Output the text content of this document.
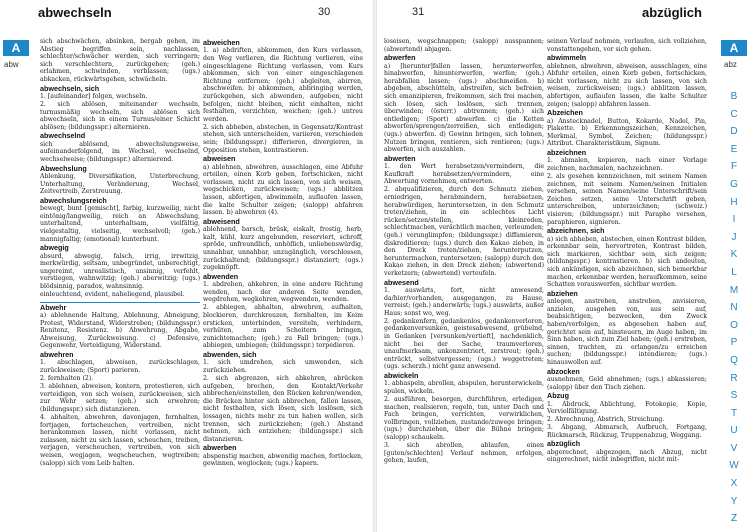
abwechseln	30	31	abzüglich
A
abw
A
abz
B
C
D
E
F
G
H
I
J
K
L
M
N
O
P
Q
R
S
T
U
V
W
X
Y
Z

sich abschwächen, absinken, bergab gehen, im Abstieg begriffen sein, nachlassen, schlechter/schwächer werden, sich verringern; sich verschlechtern, zurückgehen; (geh.) erlahmen, schwinden, verblassen; (ugs.) abkacken, rückwärtsgehen, schwächeln.

abwechseln, sich

1. [aufeinander] folgen, wechseln.

2. sich ablösen, miteinander wechseln, turnusmäßig wechseln, sich ablösen sich abwechseln, sich in einem Turnus/einer Schicht ablösen; (bildungsspr.) alternieren.

abwechselnd

sich ablösend, abwechslungsweise, aufeinanderfolgend, im Wechsel, wechselnd, wechselweise; (bildungsspr.) alternierend.

Abwechslung

Ablenkung, Diversifikation, Unterbrechung, Unterhaltung, Veränderung, Wechsel, Zeitvertreib, Zerstreuung.

abwechslungsreich

bewegt, bunt [gemischt], farbig, kurzweilig, nicht eintönig/langweilig, reich an Abwechslung, unterhaltend, unterhaltsam, vielfältig, vielgestaltig, vielseitig, wechselvoll; (geh.) mannigfaltig; (emotional) kunterbunt.

abwegig

absurd, abwegig, falsch, irrig, irrwitzig, merkwürdig, seltsam, unbegründet, unberechtigt, ungereimt, unrealistisch, unsinnig, verfehlt, verstiegen, wahnwitzig; (geh.) aberwitzig; (ugs.) blödsinnig, paradox, wahnsinnig.

einleuchtend, evident, naheliegend, plausibel.

Abwehr

a) ablehnende Haltung, Ablehnung, Abneigung, Protest, Widerstand, Widerstreben; (bildungsspr.) Renitenz, Resistenz. b) Abwehrung, Abgabe, Abweisung, Zurückweisung. c) Defensive, Gegenwehr, Verteidigung, Widerstand.

abwehren

1. abschlagen, abweisen, zurückschlagen, zurückweisen; (Sport) parieren.

2. fernhalten (2).

3. ablehnen, abweisen, kontern, protestieren, sich verteidigen, von sich weisen, zurückweisen, sich zur Wehr setzen; (geh.) sich erwehren; (bildungsspr.) sich distanzieren.

4. abhalten, abwehren, davonjagen, fernhalten, fortjagen, fortscheuchen, vertreiben, nicht herankommen lassen, nicht vorlassen, nicht zulassen, nicht zu sich lassen, scheuchen, treiben, verjagen, verscheuchen, vertreiben, von sich weisen, wegjagen, wegscheuchen, wegtreiben; (salopp) sich vom Leib halten.

abweichen

1. a) abdriften, abkommen, den Kurs verlassen, den Weg verlieren, die Richtung verlieren, eine eingeschlagene Richtung verlassen, vom Kurs abkommen, sich von einer eingeschlagenen Richtung entfernen; (geh.) abgleiten, abirren, abschweifen. b) abkommen, abbringing werden, zurückgehen, sich abwenden, aufgeben, nicht befolgen, nicht bleiben, nicht einhalten, nicht festhalten, verzichten, weichen; (geh.) untreu werden.

2. sich abheben, abstechen, in Gegensatz/Kontrast stehen, sich unterscheiden, variieren, verschieden sein; (bildungsspr.) differieren, divergieren, in Opposition stehen, kontrastieren.

abweisen

a) ablehnen, abwehren, ausschlagen, eine Abfuhr erteilen, einen Korb geben, fortschicken, nicht vorlassen, nicht zu sich lassen, von sich weisen, wegschicken, zurückweisen; (ugs.) abblitzen lassen, abfertigen, abwimmeln, auflaufen lassen, die kalte Schulter zeigen; (salopp) abfahren lassen. b) abwehren (4).

abweisend

ablehnend, barsch, brüsk, eiskalt, frostig, herb, kalt, kühl, kurz angebunden, reserviert, schroff, spröde, unfreundlich, unhöflich, unliebenswürdig, unnahbar, unnahbar, unzugänglich, verschlossen, zurückhaltend; (bildungsspr.) distanziert; (ugs.) zugeknöpft.

abwenden

1. abdrehen, abkehren, in eine andere Richtung wenden, nach der anderen Seite wenden, wegdrehen, wegkehren, wegwenden, wenden.

2. abbiegen, abhalten, abwehren, aufhalten, blockieren, durchkreuzen, fernhalten, im Keim ersticken, unterbinden, vereiteln, verhindern, verhüten, zum Scheitern bringen, zunichtemachen; (geh.) zu Fall bringen; (ugs.) abbiegen, umbiegen; (bildungsspr.) torpedieren.

abwenden, sich

1. sich umdrehen, sich umwenden, sich zurückziehen.

2. sich abgrenzen, sich abkehren, abrücken aufgeben, brechen, den Kontakt/Verkehr abbrechen/einstellen, den Rücken kehren/wenden, die Brücken hinter sich abbrechen, fallen lassen, nicht festhalten, sich lösen, sich loslösen, sich lossagen, nichts mehr zu tun haben wollen, sich trennen, sich zurückziehen; (geh.) Abstand nehmen, sich entziehen; (bildungsspr.) sich distanzieren.

abwerben

abspenstig machen, abwendig machen, fortlocken, gewinnen, weglocken; (ugs.) kapern.

loseisen, wegschnappen; (salopp) ausspannen; (abwertend) abjagen.

abwerfen

a) [herunter]fallen lassen, herunterwerfen, hinabwerfen, hinunterwerfen, werfen; (geh.) herabfallen lassen; (ugs.) abschmeißen. b) abgeben, abschütteln, abstreifen, sich befreien, sich emanzipieren, freikommen, sich frei machen, sich lösen, sich loslösen, sich trennen, überwinden; (österr.) abtrennen; (geh.) sich entledigen; (Sport) abwerfen. c) die Ketten abwerfen/sprengen/zerreißen, sich entledigen; (ugs.) abwerfen. d) Gewinn bringen, sich lohnen, Nutzen bringen, rentieren, sich rentieren; (ugs.) abwerfen, sich auszahlen.

abwerten

1. den Wert herabsetzen/vermindern, die Kaufkraft herabsetzen/vermindern, eine Abwertung vornehmen, entwerten.

2. abqualifizieren, durch den Schmutz ziehen, erniedrigen, herabmindern, herabsetzen, herabwürdigen, heruntersetzen, in den Schmutz treten/ziehen, in ein schlechtes Licht rücken/setzen/stellen, kleinreden, schlechtmachen, verächtlich machen, verleumden; (geh.) verunglimpfen; (bildungsspr.) diffamieren, diskreditieren; (ugs.) durch den Kakao ziehen, in den Dreck treten/ziehen, herunterputzen, heruntermachen, runtersetzen; (salopp) durch den Kakao ziehen, in den Dreck ziehen; (abwertend) verketzern; (abwertend) verteufeln.

abwesend

1. auswärts, fort, nicht anwesend, da/hier/vorhanden, ausgegangen, zu Hause, verreist; (geh.) anderwärts; (ugs.) auswärts, außer Haus; sonst wo, weg.

2. gedankenfern, gedankenlos, gedankenverloren, gedankenversunken, geistesabwesend, grübelnd, in Gedanken [versunken/vertieft], nachdenklich, nicht bei der Sache, traumverloren, unaufmerksam, unkonzentriert, zerstreut; (geh.) entrückt, selbstvergessen; (ugs.) weggetreten; (ugs. scherzh.) nicht ganz anwesend.

abwickeln

1. abhaspeln, abrollen, abspulen, herunterwickeln, spulen, wickeln.

2. ausführen, besorgen, durchführen, erledigen, machen, realisieren, regeln, tun, unter Dach und Fach bringen, verrichten, verwirklichen, vollbringen, vollziehen, zustande/zuwege bringen; (ugs.) durchziehen, über die Bühne bringen; (salopp) schaukeln.

3. sich abrollen, ablaufen, einen [guten/schlechten] Verlauf nehmen, erfolgen, gehen, laufen,

seinen Verlauf nehmen, verlaufen, sich vollziehen, vonstattengehen, vor sich gehen.

abwimmeln

ablehnen, abwehren, abweisen, ausschlagen, eine Abfuhr erteilen, einen Korb geben, fortschicken, nicht vorlassen, nicht zu sich lassen, von sich weisen, zurückweisen; (ugs.) abblitzen lassen, abfertigen, auflaufen lassen, die kalte Schulter zeigen; (salopp) abfahren lassen.

Abzeichen

a) Anstecknadel, Button, Kokarde, Nadel, Pin, Plakette. b) Erkennungszeichen, Kennzeichen, Merkmal, Symbol, Zeichen; (bildungsspr.) Attribut. Charakteristikum, Signum.

abzeichnen

1. abmalen, kopieren, nach einer Vorlage zeichnen, nachmalen, nachzeichnen.

2. als gesehen kennzeichnen, mit seinem Namen zeichnen, mit seinem Namen/seinen Initialen versehen, seinen Namen/seine Unterschrift/sein Zeichen setzen, seine Unterschrift geben, unterschreiben, unterzeichnen; (schweiz.) visieren; (bildungsspr.) mit Paraphe versehen, paraphieren, signieren.

abzeichnen, sich

a) sich abheben, abstechen, einen Kontrast bilden, erkennbar sein, hervortreten, Kontrast bilden, sich markieren, sichtbar sein, sich zeigen; (bildungsspr.) kontrastieren. b) sich andeuten, sich ankündigen, sich abzeichnen, sich bemerkbar machen, erkennbar werden, heraufkommen, seine Schatten vorauswerfen, sichtbar werden.

abziehen

anlegen, anstreben, anstreben, anvisieren, anzielen, ausgehen von, aus sein auf, beabsichtigen, bezwecken, den Zweck haben/verfolgen, es abgesehen haben auf, gerichtet sein auf, hinsteuern, im Auge haben, im Sinn haben, sich zum Ziel haben; (geh.) erstreben, sinnen, trachten, zu erlangen/zu erreichen suchen; (bildungsspr.) intendieren; (ugs.) hinauswollen auf.

abzocken

ausnehmen, Geld abnehmen; (ugs.) abkassieren; (salopp) über den Tisch ziehen.

Abzug

1. Abdruck, Ablichtung, Fotokopie, Kopie, Vervielfältigung.

2. Abrechnung, Abstrich, Streichung.

3. Abgang, Abmarsch, Aufbruch, Fortgang, Rückmarsch, Rückzug, Truppenabzug, Weggang.

abzüglich

abgerechnet, abgezogen, nach Abzug, nicht eingerechnet, nicht inbegriffen, nicht mit-
